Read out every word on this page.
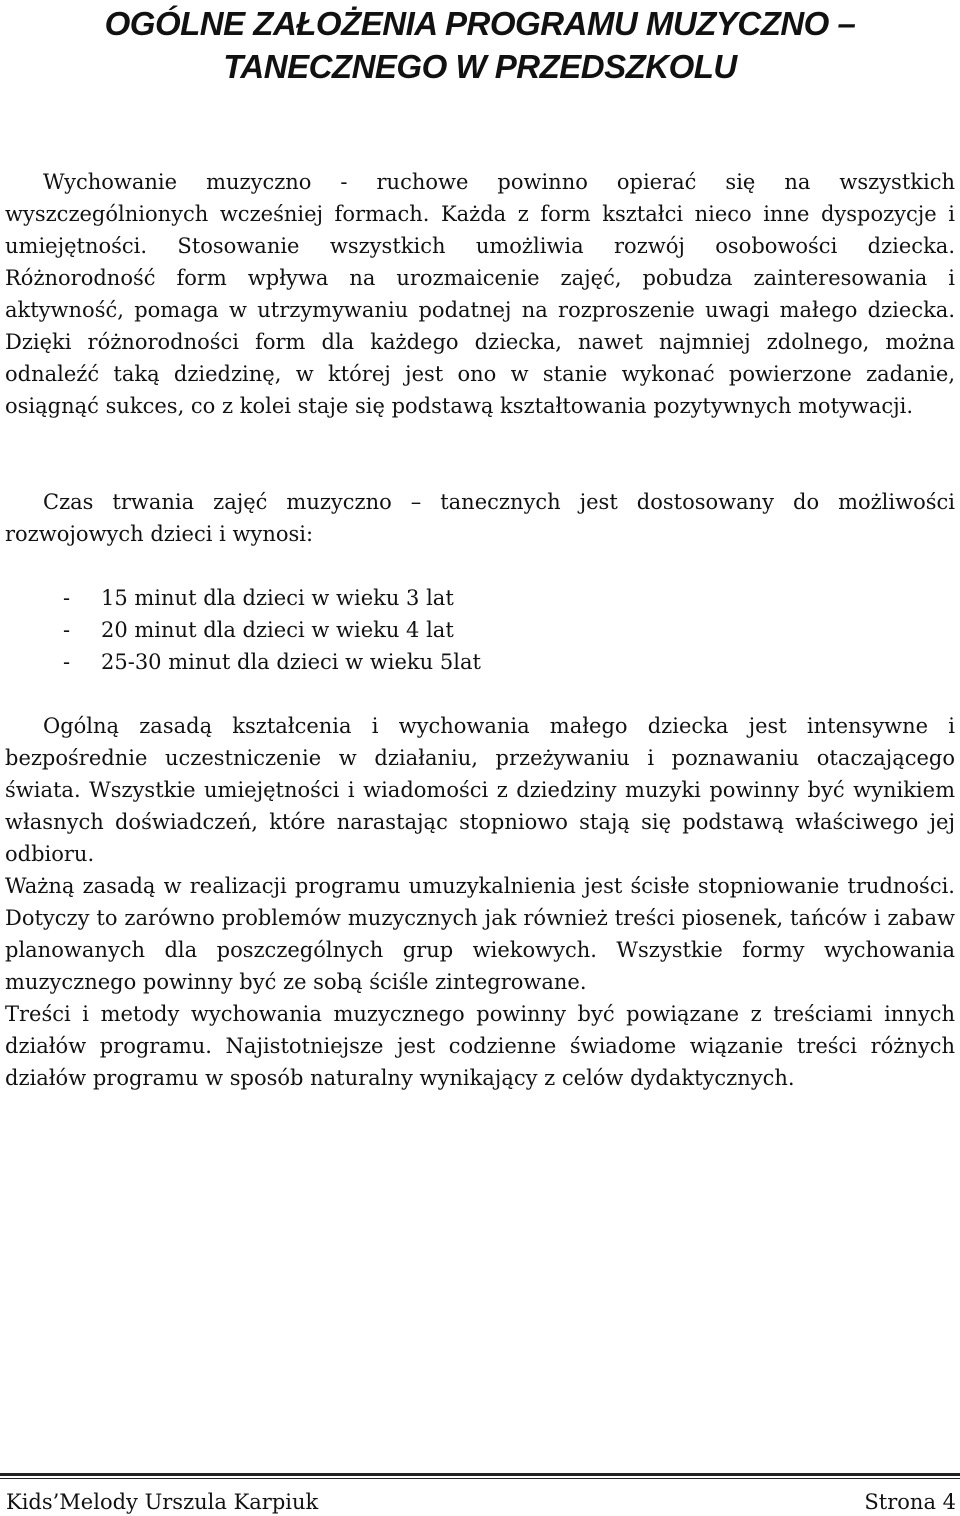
OGÓLNE ZAŁOŻENIA PROGRAMU MUZYCZNO –
TANECZNEGO W PRZEDSZKOLU

Wychowanie muzyczno - ruchowe powinno opierać się na wszystkich wyszczególnionych wcześniej formach. Każda z form kształci nieco inne dyspozycje i umiejętności. Stosowanie wszystkich umożliwia rozwój osobowości dziecka. Różnorodność form wpływa na urozmaicenie zajęć, pobudza zainteresowania i aktywność, pomaga w utrzymywaniu podatnej na rozproszenie uwagi małego dziecka. Dzięki różnorodności form dla każdego dziecka, nawet najmniej zdolnego, można odnaleźć taką dziedzinę, w której jest ono w stanie wykonać powierzone zadanie, osiągnąć sukces, co z kolei staje się podstawą kształtowania pozytywnych motywacji.

Czas trwania zajęć muzyczno – tanecznych jest dostosowany do możliwości rozwojowych dzieci i wynosi:

-	15 minut dla dzieci w wieku 3 lat
-	20 minut dla dzieci w wieku 4 lat
-	25-30 minut dla dzieci w wieku 5lat

Ogólną zasadą kształcenia i wychowania małego dziecka jest intensywne i bezpośrednie uczestniczenie w działaniu, przeżywaniu i poznawaniu otaczającego świata. Wszystkie umiejętności i wiadomości z dziedziny muzyki powinny być wynikiem własnych doświadczeń, które narastając stopniowo stają się podstawą właściwego jej odbioru.

Ważną zasadą w realizacji programu umuzykalnienia jest ścisłe stopniowanie trudności. Dotyczy to zarówno problemów muzycznych jak również treści piosenek, tańców i zabaw planowanych dla poszczególnych grup wiekowych. Wszystkie formy wychowania muzycznego powinny być ze sobą ściśle zintegrowane.

Treści i metody wychowania muzycznego powinny być powiązane z treściami innych działów programu. Najistotniejsze jest codzienne świadome wiązanie treści różnych działów programu w sposób naturalny wynikający z celów dydaktycznych.

Kids’Melody Urszula Karpiuk	Strona 4
